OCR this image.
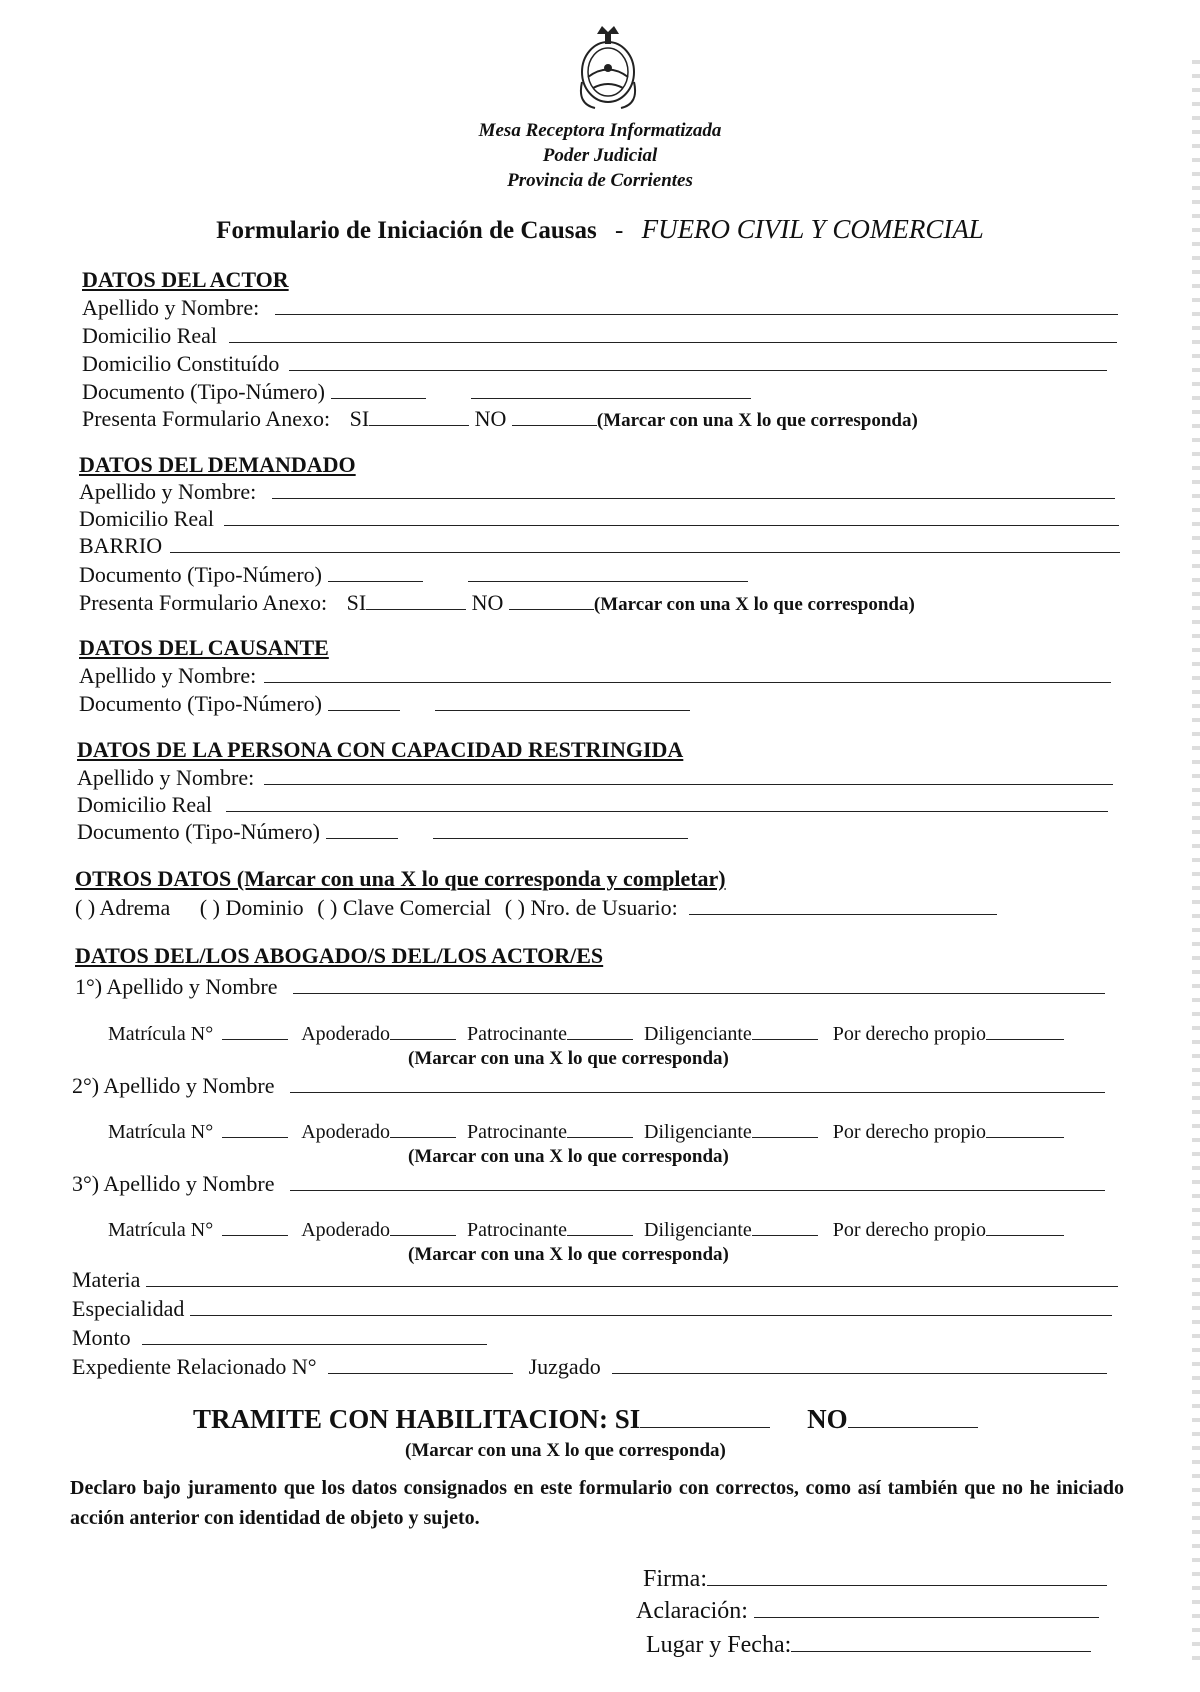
Mesa Receptora Informatizada
Poder Judicial
Provincia de Corrientes
Formulario de Iniciación de Causas - FUERO CIVIL Y COMERCIAL
DATOS DEL ACTOR
Apellido y Nombre:
Domicilio Real
Domicilio Constituído
Documento (Tipo-Número)
Presenta Formulario Anexo: SI	NO	(Marcar con una X lo que corresponda)
DATOS DEL DEMANDADO
Apellido y Nombre:
Domicilio Real
BARRIO
Documento (Tipo-Número)
Presenta Formulario Anexo: SI	NO	(Marcar con una X lo que corresponda)
DATOS DEL CAUSANTE
Apellido y Nombre:
Documento (Tipo-Número)
DATOS DE LA PERSONA CON CAPACIDAD RESTRINGIDA
Apellido y Nombre:
Domicilio Real
Documento (Tipo-Número)
OTROS DATOS (Marcar con una X lo que corresponda y completar)
( ) Adrema ( ) Dominio ( ) Clave Comercial ( ) Nro. de Usuario:
DATOS DEL/LOS ABOGADO/S DEL/LOS ACTOR/ES
1°) Apellido y Nombre
Matrícula N°	Apoderado	Patrocinante	Diligenciante	Por derecho propio
(Marcar con una X lo que corresponda)
2°) Apellido y Nombre
Matrícula N°	Apoderado	Patrocinante	Diligenciante	Por derecho propio
(Marcar con una X lo que corresponda)
3°) Apellido y Nombre
Matrícula N°	Apoderado	Patrocinante	Diligenciante	Por derecho propio
(Marcar con una X lo que corresponda)
Materia
Especialidad
Monto
Expediente Relacionado N°	Juzgado
TRAMITE CON HABILITACION: SI	NO
(Marcar con una X lo que corresponda)
Declaro bajo juramento que los datos consignados en este formulario con correctos, como así también que no he iniciado acción anterior con identidad de objeto y sujeto.
Firma:
Aclaración:
Lugar y Fecha:
